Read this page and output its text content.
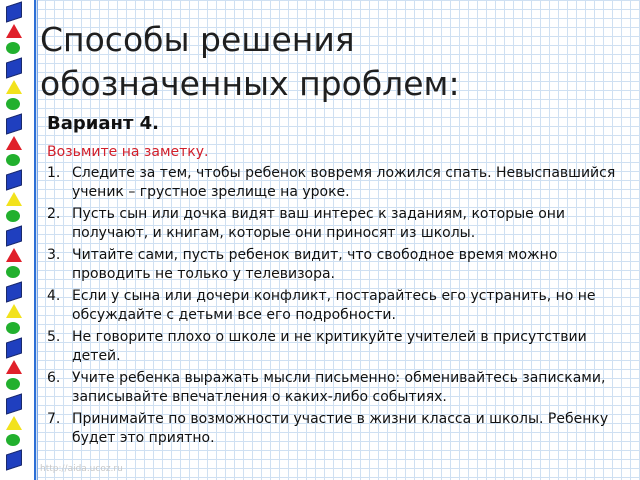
Способы решения
обозначенных проблем:
Вариант 4.
Возьмите на заметку.
1. Следите за тем, чтобы ребенок вовремя ложился спать. Невыспавшийся ученик – грустное зрелище на уроке.
2. Пусть сын или дочка видят ваш интерес к заданиям, которые они получают, и книгам, которые они приносят из школы.
3. Читайте сами, пусть ребенок видит, что свободное время можно проводить не только у телевизора.
4. Если у сына или дочери конфликт, постарайтесь его устранить, но не обсуждайте с детьми все его подробности.
5. Не говорите плохо о школе и не критикуйте учителей в присутствии детей.
6. Учите ребенка выражать мысли письменно: обменивайтесь записками, записывайте впечатления о каких-либо событиях.
7. Принимайте по возможности участие в жизни класса и школы. Ребенку будет это приятно.
http://aida.ucoz.ru
